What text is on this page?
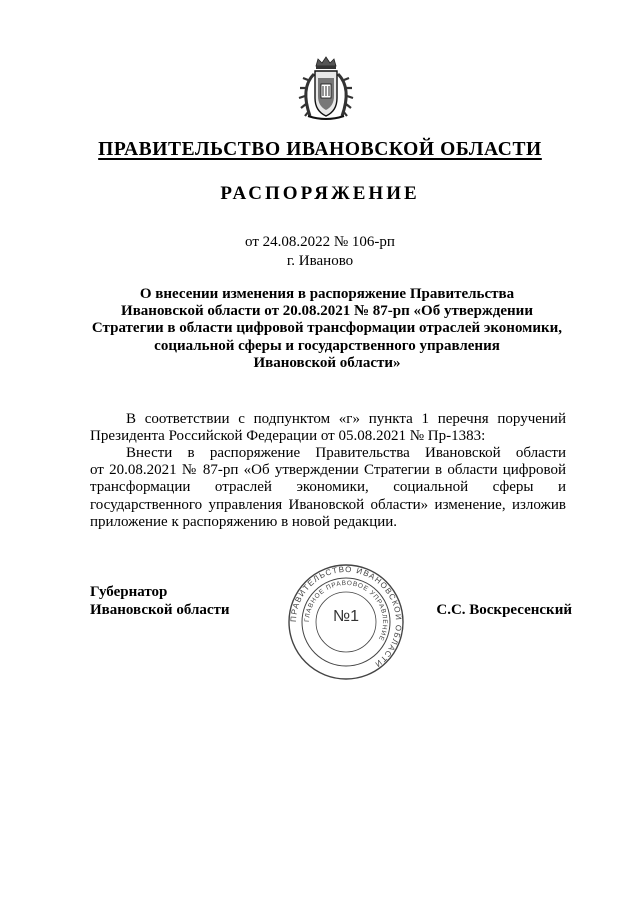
ПРАВИТЕЛЬСТВО ИВАНОВСКОЙ ОБЛАСТИ
РАСПОРЯЖЕНИЕ
от 24.08.2022 № 106-рп
г. Иваново
О внесении изменения в распоряжение Правительства
Ивановской области от 20.08.2021 № 87-рп «Об утверждении
Стратегии в области цифровой трансформации отраслей экономики,
социальной сферы и государственного управления
Ивановской области»
В соответствии с подпунктом «г» пункта 1 перечня поручений
Президента Российской Федерации от 05.08.2021 № Пр-1383:
Внести в распоряжение Правительства Ивановской области
от 20.08.2021 № 87-рп «Об утверждении Стратегии в области цифровой
трансформации отраслей экономики, социальной сферы и
государственного управления Ивановской области» изменение, изложив
приложение к распоряжению в новой редакции.
Губернатор
Ивановской области
ПРАВИТЕЛЬСТВО ИВАНОВСКОЙ ОБЛАСТИ
ГЛАВНОЕ ПРАВОВОЕ УПРАВЛЕНИЕ
№1	С.С. Воскресенский
